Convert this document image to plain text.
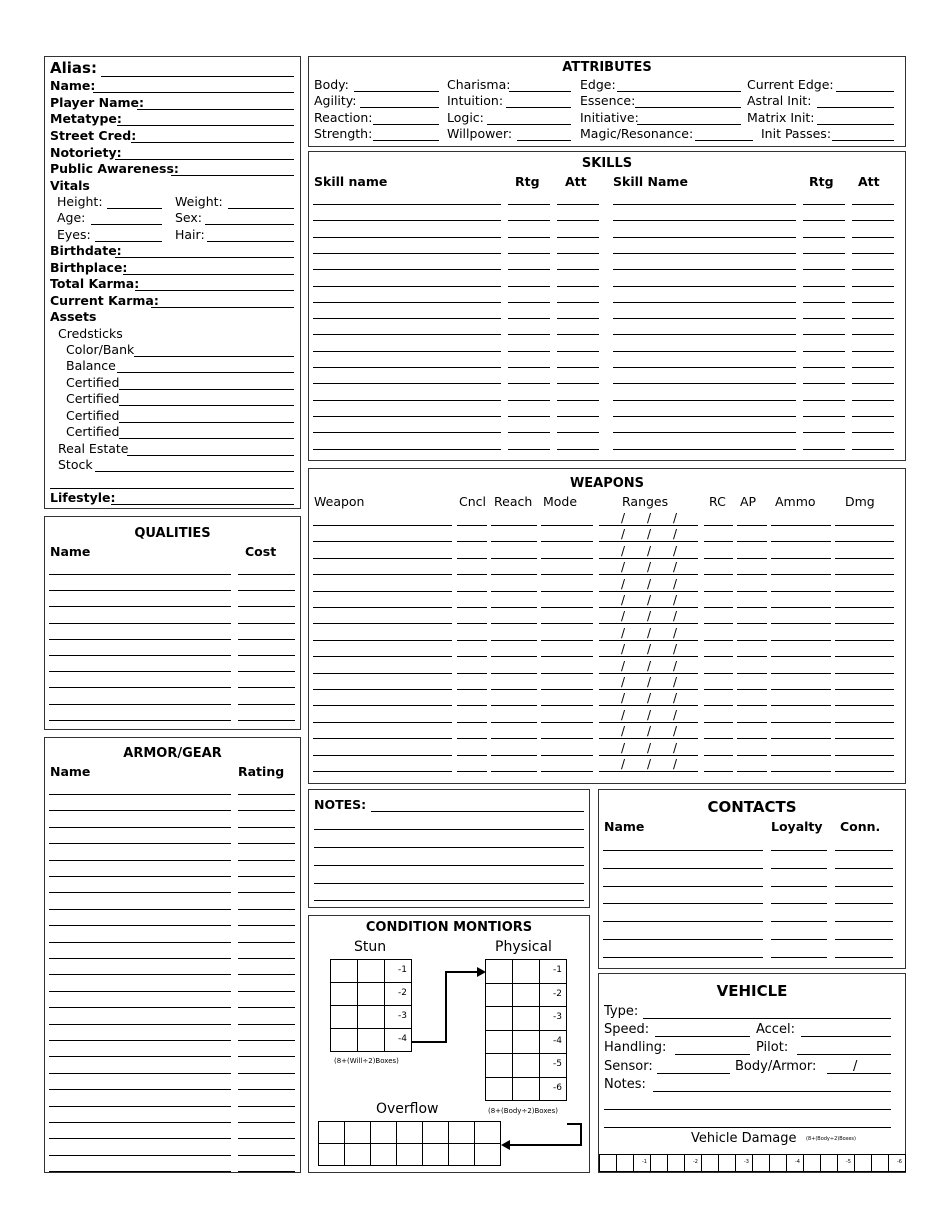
Alias:
Name:
Player Name:
Metatype:
Street Cred:
Notoriety:
Public Awareness:
Vitals
Height:	Weight:
Age:	Sex:
Eyes:	Hair:
Birthdate:
Birthplace:
Total Karma:
Current Karma:
Assets
Credsticks
Color/Bank
Balance
Certified
Certified
Certified
Certified
Real Estate
Stock
Lifestyle:
ATTRIBUTES
Body:	Charisma:	Edge:	Current Edge:
Agility:	Intuition:	Essence:	Astral Init:
Reaction:	Logic:	Initiative:	Matrix Init:
Strength:	Willpower:	Magic/Resonance:	Init Passes:
SKILLS
Skill name	Rtg Att Skill Name	Rtg Att
WEAPONS
Weapon	Cncl Reach Mode	Ranges	RC AP Ammo Dmg
/ / /
/ / /
/ / /
/ / /
/ / /
/ / /
/ / /
/ / /
/ / /
/ / /
/ / /
/ / /
/ / /
/ / /
/ / /
/ / /
QUALITIES
Name	Cost
ARMOR/GEAR
Name	Rating
NOTES:	CONTACTS
Name	Loyalty Conn.
CONDITION MONTIORS
Stun	Physical
-1
-2
-3
-4
-1
-2
-3
-4
-5
-6
(8+(Will÷2)Boxes)
(8+(Body÷2)Boxes)
Overflow
VEHICLE
Type:
Speed:	Accel:
Handling:	Pilot:
Sensor:	Body/Armor:	/
Notes:
Vehicle Damage (8+(Body÷2)Boxes)
-1	-2	-3	-4	-5	-6
